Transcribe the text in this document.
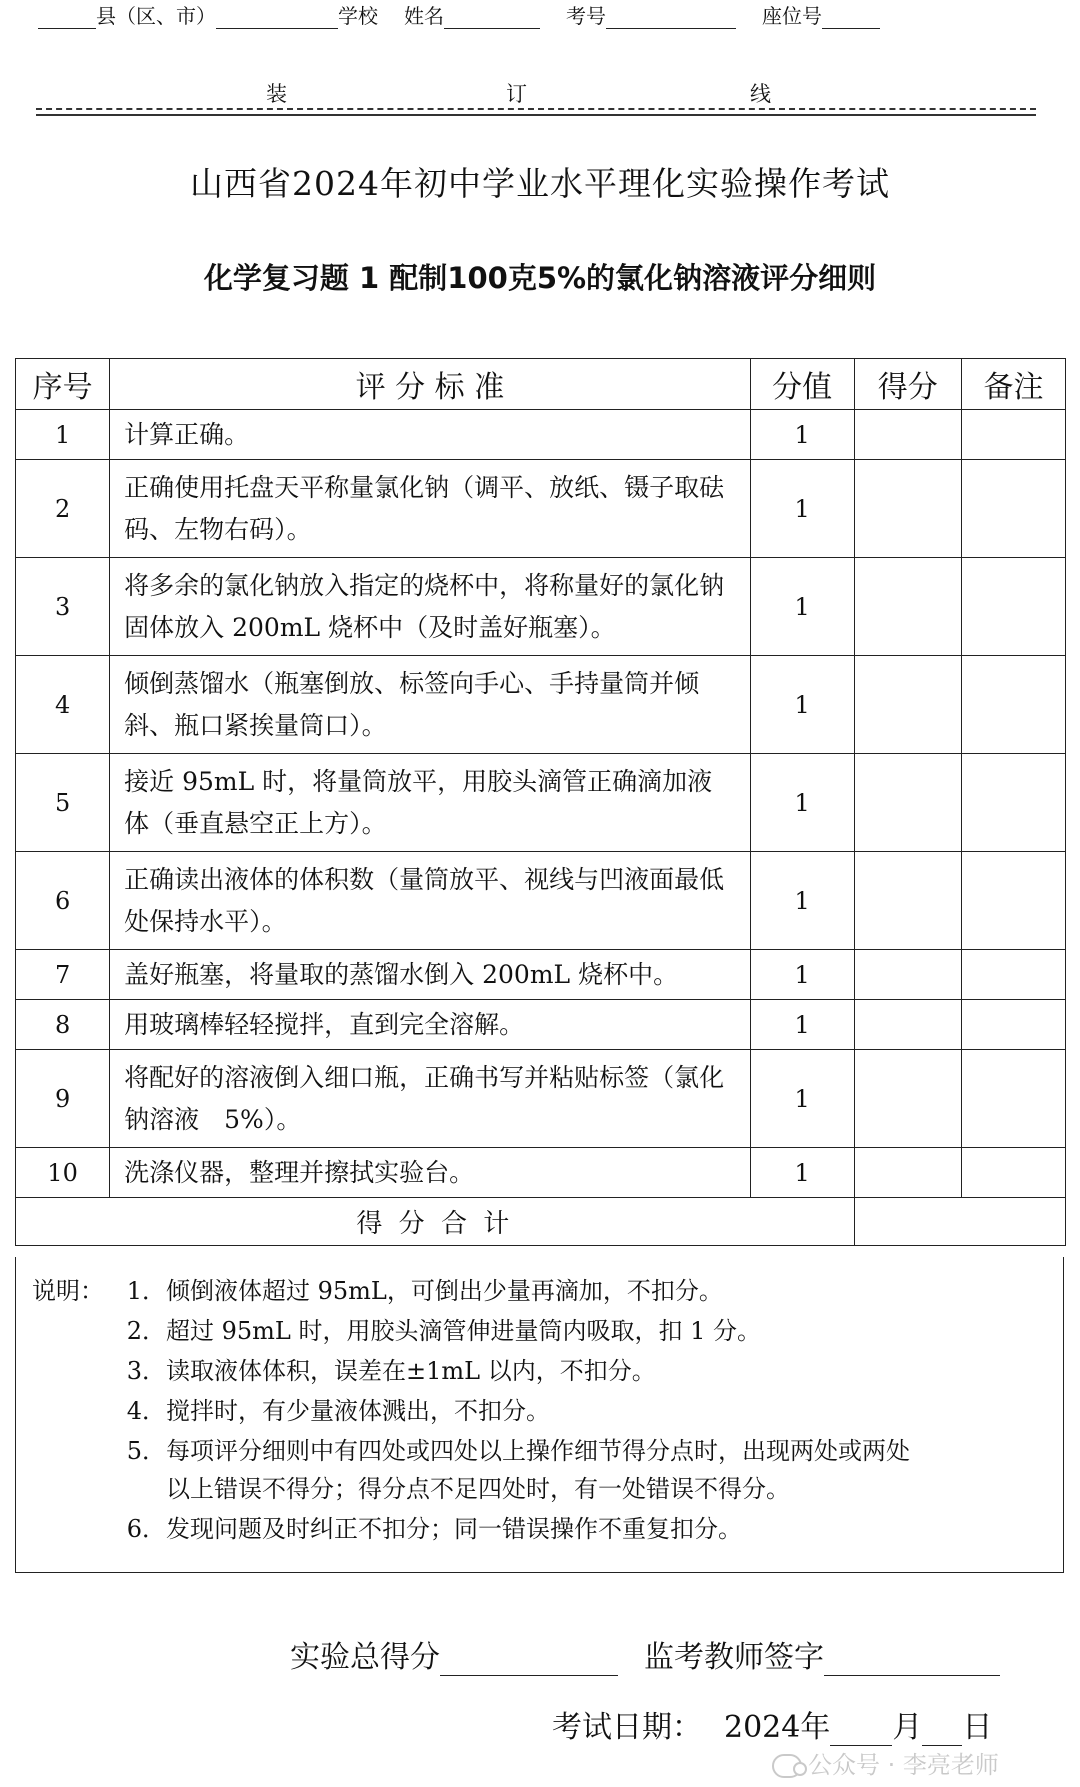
县（区、市）	学校 姓名	考号	座位号
装	订	线
山西省2024年初中学业水平理化实验操作考试
化学复习题 1 配制100克5%的氯化钠溶液评分细则
序号	评 分 标 准	分值	得分	备注
1	计算正确。	1		
2	正确使用托盘天平称量氯化钠（调平、放纸、镊子取砝码、左物右码）。	1		
3	将多余的氯化钠放入指定的烧杯中，将称量好的氯化钠固体放入 200mL 烧杯中（及时盖好瓶塞）。	1		
4	倾倒蒸馏水（瓶塞倒放、标签向手心、手持量筒并倾斜、瓶口紧挨量筒口）。	1		
5	接近 95mL 时，将量筒放平，用胶头滴管正确滴加液体（垂直悬空正上方）。	1		
6	正确读出液体的体积数（量筒放平、视线与凹液面最低处保持水平）。	1		
7	盖好瓶塞，将量取的蒸馏水倒入 200mL 烧杯中。	1		
8	用玻璃棒轻轻搅拌，直到完全溶解。	1		
9	将配好的溶液倒入细口瓶，正确书写并粘贴标签（氯化钠溶液　5%）。	1		
10	洗涤仪器，整理并擦拭实验台。	1		
得 分 合 计				
说明： 1．倾倒液体超过 95mL，可倒出少量再滴加，不扣分。
2．超过 95mL 时，用胶头滴管伸进量筒内吸取，扣 1 分。
3．读取液体体积，误差在±1mL 以内，不扣分。
4．搅拌时，有少量液体溅出，不扣分。
5．每项评分细则中有四处或四处以上操作细节得分点时，出现两处或两处
以上错误不得分；得分点不足四处时，有一处错误不得分。
6．发现问题及时纠正不扣分；同一错误操作不重复扣分。
实验总得分	监考教师签字
考试日期： 2024年 月 日
公众号 · 李亮老师
